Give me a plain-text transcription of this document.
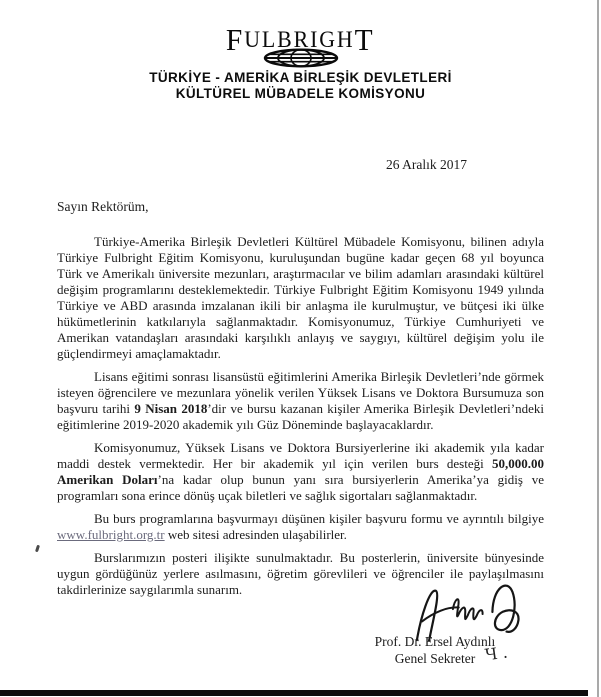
FULBRIGHT
TÜRKİYE - AMERİKA BİRLEŞİK DEVLETLERİ
KÜLTÜREL MÜBADELE KOMİSYONU
26 Aralık 2017
Sayın Rektörüm,

Türkiye-Amerika Birleşik Devletleri Kültürel Mübadele Komisyonu, bilinen adıyla Türkiye Fulbright Eğitim Komisyonu, kuruluşundan bugüne kadar geçen 68 yıl boyunca Türk ve Amerikalı üniversite mezunları, araştırmacılar ve bilim adamları arasındaki kültürel değişim programlarını desteklemektedir. Türkiye Fulbright Eğitim Komisyonu 1949 yılında Türkiye ve ABD arasında imzalanan ikili bir anlaşma ile kurulmuştur, ve bütçesi iki ülke hükümetlerinin katkılarıyla sağlanmaktadır. Komisyonumuz, Türkiye Cumhuriyeti ve Amerikan vatandaşları arasındaki karşılıklı anlayış ve saygıyı, kültürel değişim yolu ile güçlendirmeyi amaçlamaktadır.

Lisans eğitimi sonrası lisansüstü eğitimlerini Amerika Birleşik Devletleri’nde görmek isteyen öğrencilere ve mezunlara yönelik verilen Yüksek Lisans ve Doktora Bursumuza son başvuru tarihi 9 Nisan 2018’dir ve bursu kazanan kişiler Amerika Birleşik Devletleri’ndeki eğitimlerine 2019-2020 akademik yılı Güz Döneminde başlayacaklardır.

Komisyonumuz, Yüksek Lisans ve Doktora Bursiyerlerine iki akademik yıla kadar maddi destek vermektedir. Her bir akademik yıl için verilen burs desteği 50,000.00 Amerikan Doları’na kadar olup bunun yanı sıra bursiyerlerin Amerika’ya gidiş ve programları sona erince dönüş uçak biletleri ve sağlık sigortaları sağlanmaktadır.

Bu burs programlarına başvurmayı düşünen kişiler başvuru formu ve ayrıntılı bilgiye www.fulbright.org.tr web sitesi adresinden ulaşabilirler.

Burslarımızın posteri ilişikte sunulmaktadır. Bu posterlerin, üniversite bünyesinde uygun gördüğünüz yerlere asılmasını, öğretim görevlileri ve öğrenciler ile paylaşılmasını takdirlerinize saygılarımla sunarım.

Prof. Dr. Ersel Aydınlı
Genel Sekreter Ч .
